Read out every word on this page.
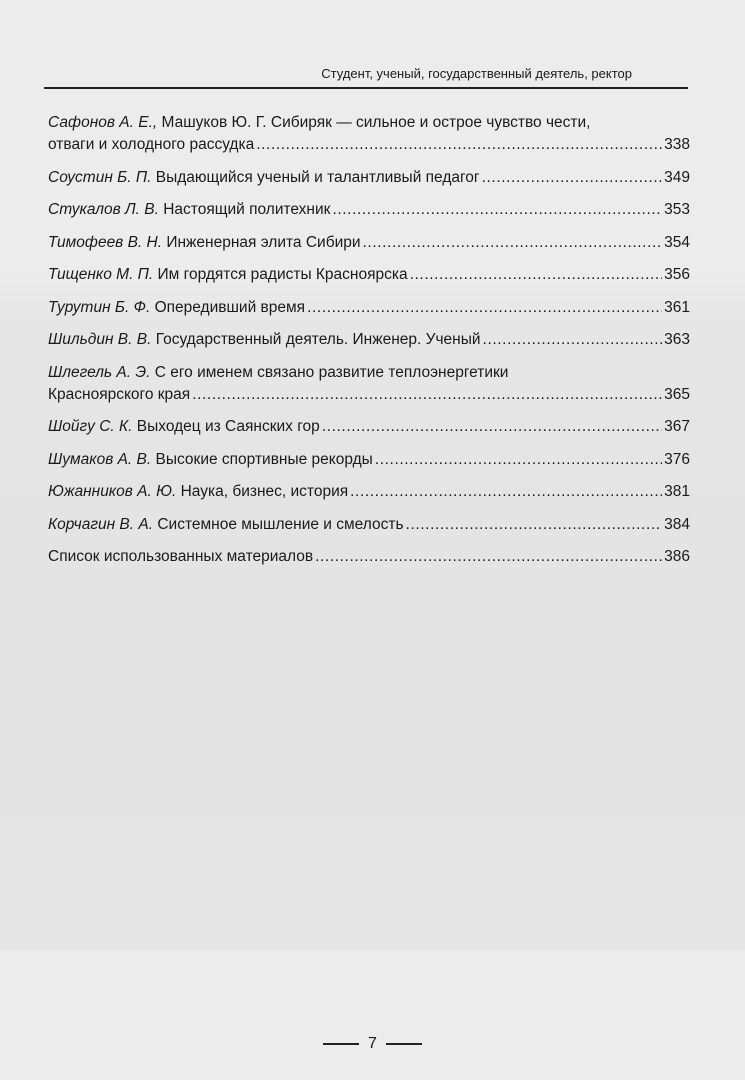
Студент, ученый, государственный деятель, ректор
Сафонов А. Е., Машуков Ю. Г. Сибиряк — сильное и острое чувство чести,
отваги и холодного рассудка .....	338
Соустин Б. П. Выдающийся ученый и талантливый педагог .....	349
Стукалов Л. В. Настоящий политехник .....	353
Тимофеев В. Н. Инженерная элита Сибири .....	354
Тищенко М. П. Им гордятся радисты Красноярска .....	356
Турутин Б. Ф. Опередивший время .....	361
Шильдин В. В. Государственный деятель. Инженер. Ученый .....	363
Шлегель А. Э. С его именем связано развитие теплоэнергетики
Красноярского края .....	365
Шойгу С. К. Выходец из Саянских гор .....	367
Шумаков А. В. Высокие спортивные рекорды .....	376
Южанников А. Ю. Наука, бизнес, история .....	381
Корчагин В. А. Системное мышление и смелость .....	384
Список использованных материалов .....	386
7
